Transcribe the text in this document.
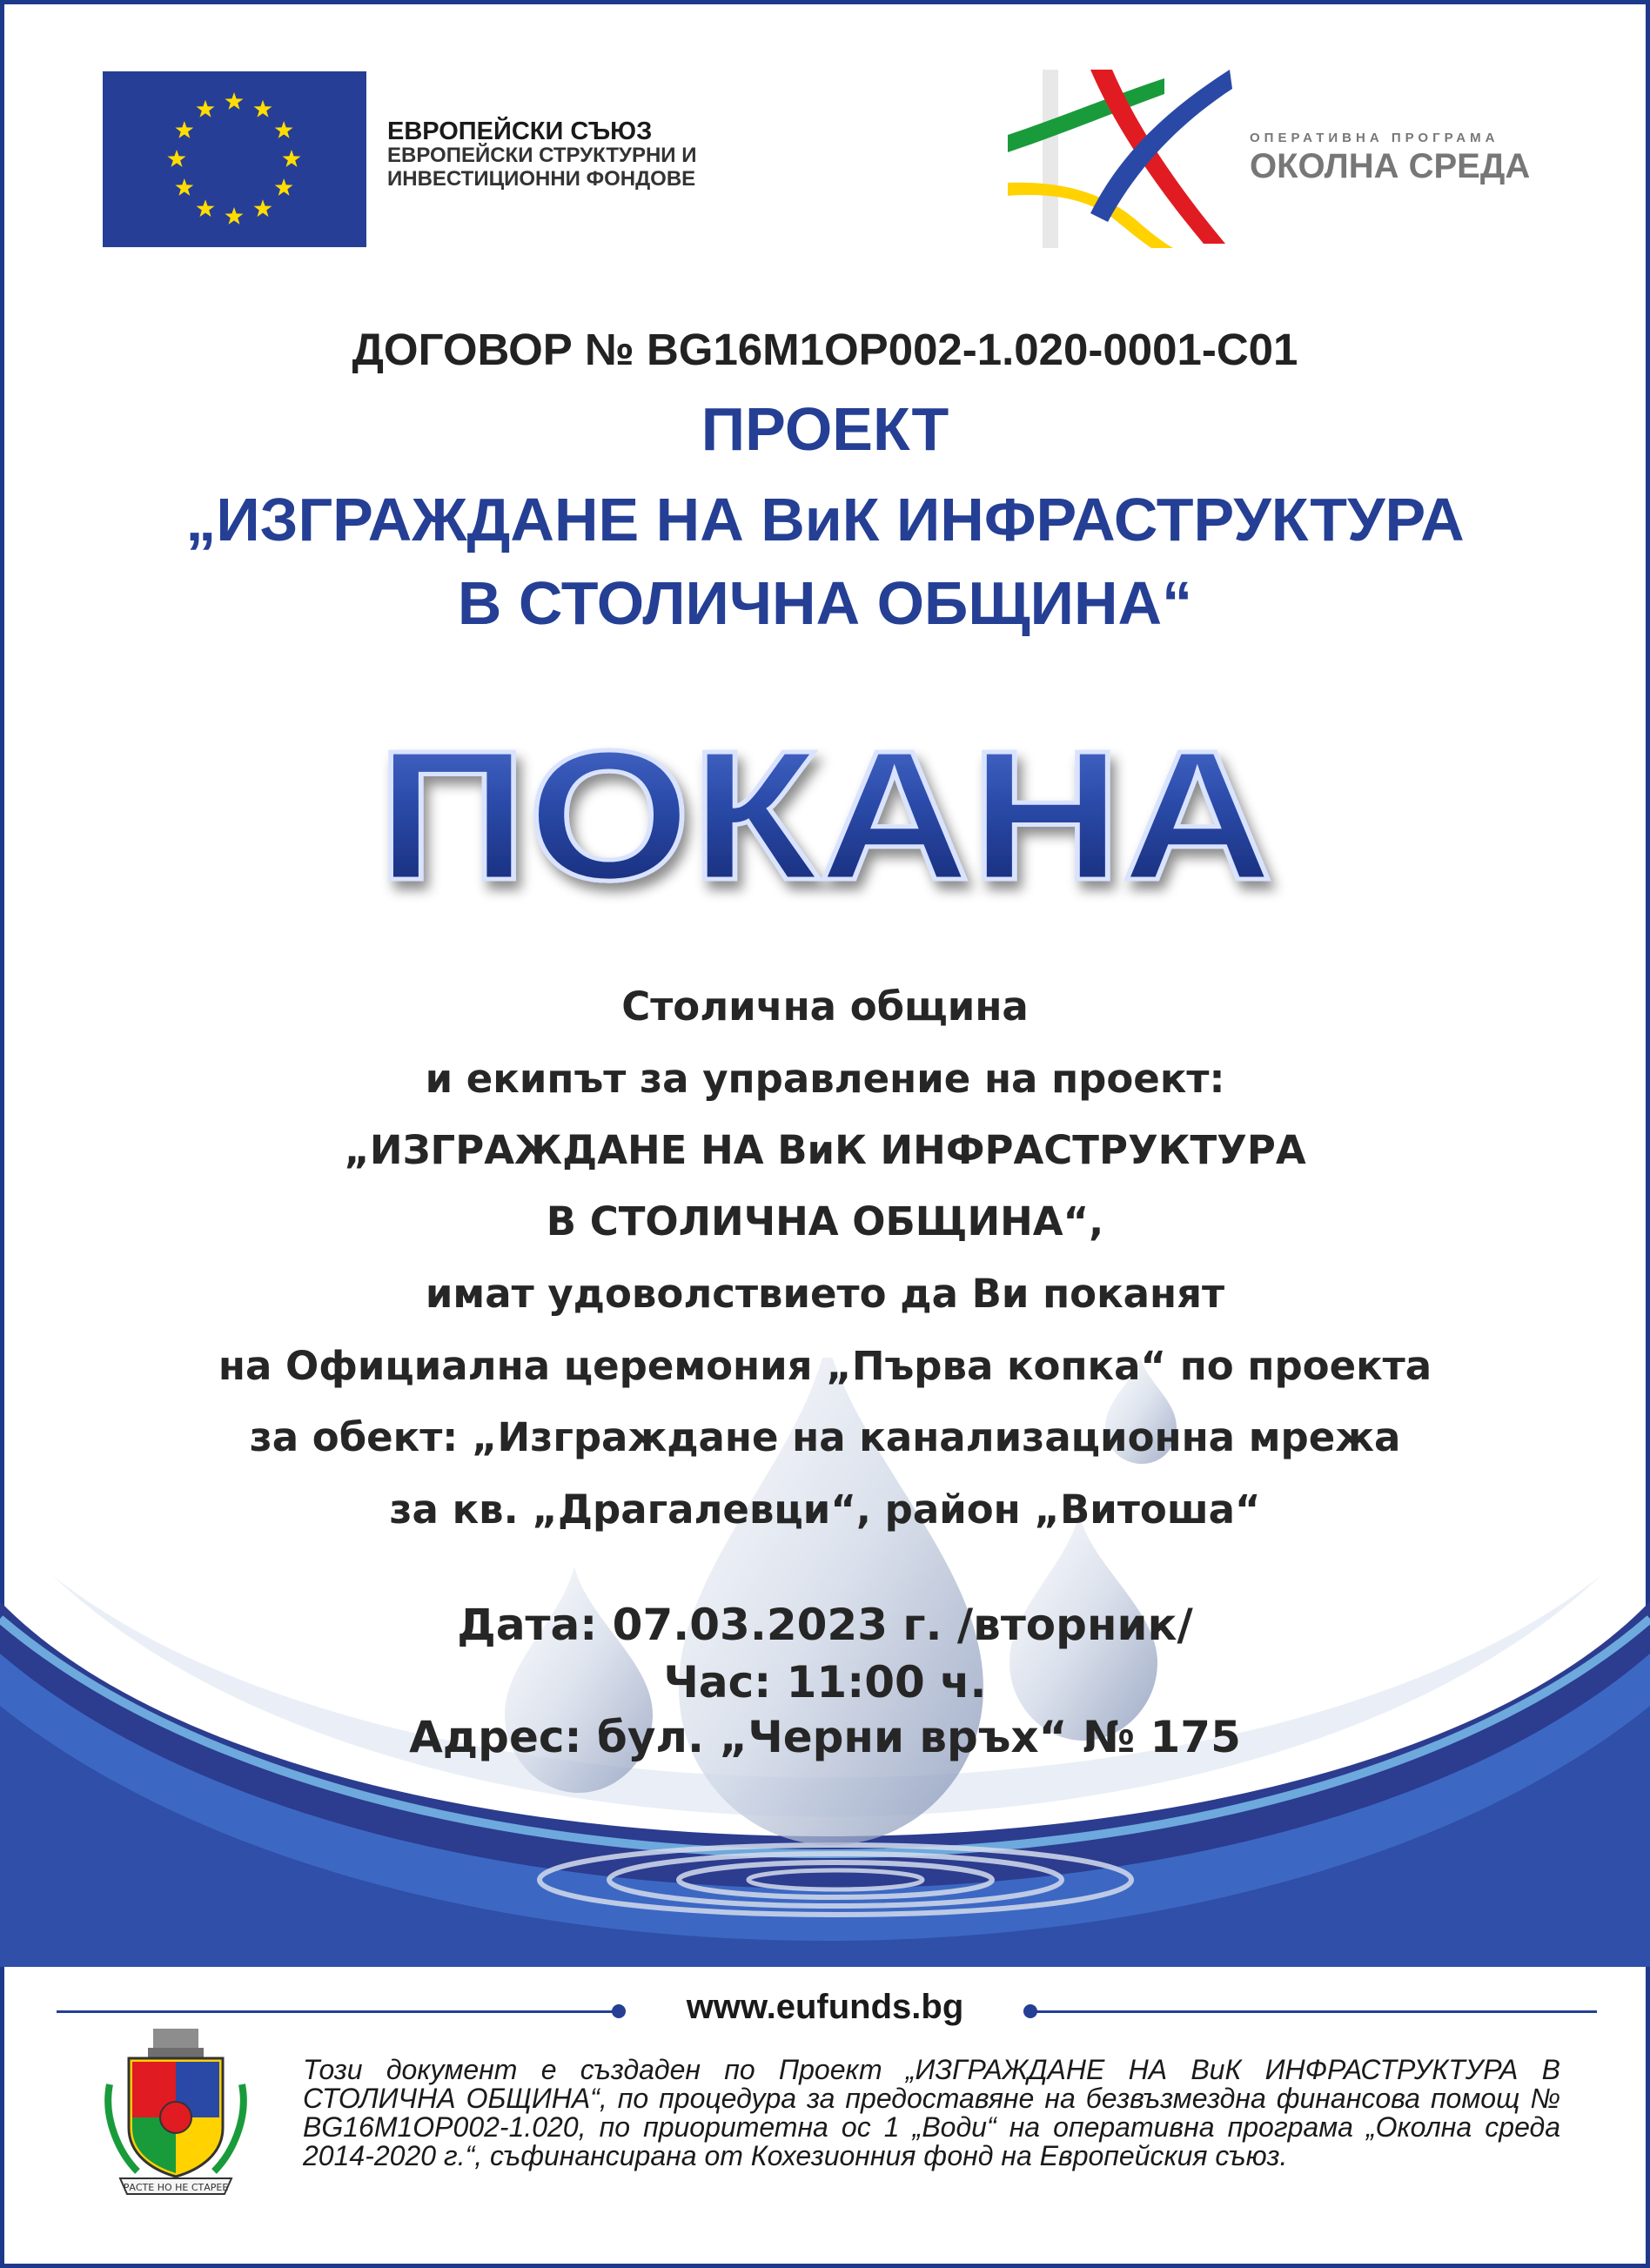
ЕВРОПЕЙСКИ СЪЮЗ
ЕВРОПЕЙСКИ СТРУКТУРНИ И
ИНВЕСТИЦИОННИ ФОНДОВЕ
ОПЕРАТИВНА ПРОГРАМА
ОКОЛНА СРЕДА
ДОГОВОР № BG16M1OP002-1.020-0001-C01
ПРОЕКТ
„ИЗГРАЖДАНЕ НА ВиК ИНФРАСТРУКТУРА
В СТОЛИЧНА ОБЩИНА“
ПОКАНА
Столична община
и екипът за управление на проект:
„ИЗГРАЖДАНЕ НА ВиК ИНФРАСТРУКТУРА
В СТОЛИЧНА ОБЩИНА“,
имат удоволствието да Ви поканят
на Официална церемония „Първа копка“ по проекта
за обект: „Изграждане на канализационна мрежа
за кв. „Драгалевци“, район „Витоша“
Дата: 07.03.2023 г. /вторник/
Час: 11:00 ч.
Адрес: бул. „Черни връх“ № 175
www.eufunds.bg
РАСТЕ НО НЕ СТАРЕЕ
Този документ е създаден по Проект „ИЗГРАЖДАНЕ НА ВиК ИНФРАСТРУКТУРА В СТОЛИЧНА ОБЩИНА“, по процедура за предоставяне на безвъзмездна финансова помощ № BG16M1OP002-1.020, по приоритетна ос 1 „Води“ на оперативна програма „Околна среда 2014-2020 г.“, съфинансирана от Кохезионния фонд на Европейския съюз.
